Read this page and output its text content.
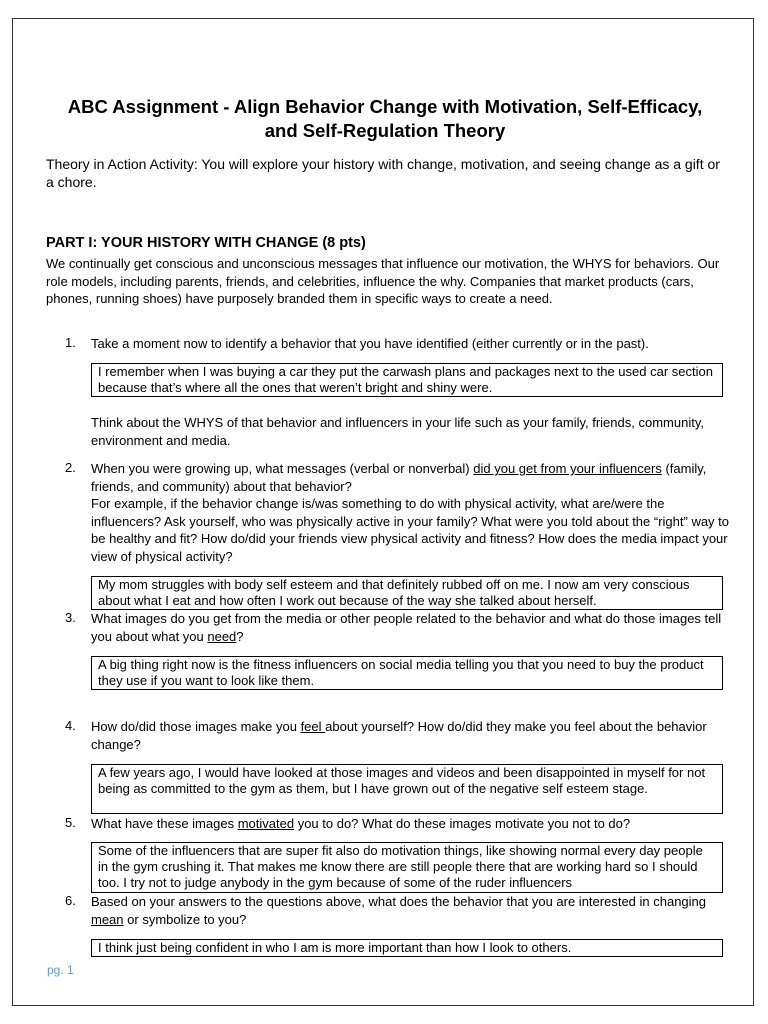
ABC Assignment - Align Behavior Change with Motivation, Self-Efficacy,
and Self-Regulation Theory
Theory in Action Activity: You will explore your history with change, motivation, and seeing change as a gift or a chore.
PART I: YOUR HISTORY WITH CHANGE (8 pts)
We continually get conscious and unconscious messages that influence our motivation, the WHYS for behaviors. Our role models, including parents, friends, and celebrities, influence the why. Companies that market products (cars, phones, running shoes) have purposely branded them in specific ways to create a need.
1. Take a moment now to identify a behavior that you have identified (either currently or in the past).
I remember when I was buying a car they put the carwash plans and packages next to the used car section because that’s where all the ones that weren’t bright and shiny were.
Think about the WHYS of that behavior and influencers in your life such as your family, friends, community, environment and media.
2. When you were growing up, what messages (verbal or nonverbal) did you get from your influencers (family, friends, and community) about that behavior?

For example, if the behavior change is/was something to do with physical activity, what are/were the influencers? Ask yourself, who was physically active in your family? What were you told about the “right” way to be healthy and fit? How do/did your friends view physical activity and fitness? How does the media impact your view of physical activity?

My mom struggles with body self esteem and that definitely rubbed off on me. I now am very conscious about what I eat and how often I work out because of the way she talked about herself.
3. What images do you get from the media or other people related to the behavior and what do those images tell you about what you need?
A big thing right now is the fitness influencers on social media telling you that you need to buy the product they use if you want to look like them.
4. How do/did those images make you feel about yourself? How do/did they make you feel about the behavior change?
A few years ago, I would have looked at those images and videos and been disappointed in myself for not being as committed to the gym as them, but I have grown out of the negative self esteem stage.
5. What have these images motivated you to do? What do these images motivate you not to do?
Some of the influencers that are super fit also do motivation things, like showing normal every day people in the gym crushing it. That makes me know there are still people there that are working hard so I should too. I try not to judge anybody in the gym because of some of the ruder influencers
6. Based on your answers to the questions above, what does the behavior that you are interested in changing mean or symbolize to you?
I think just being confident in who I am is more important than how I look to others.
pg. 1
